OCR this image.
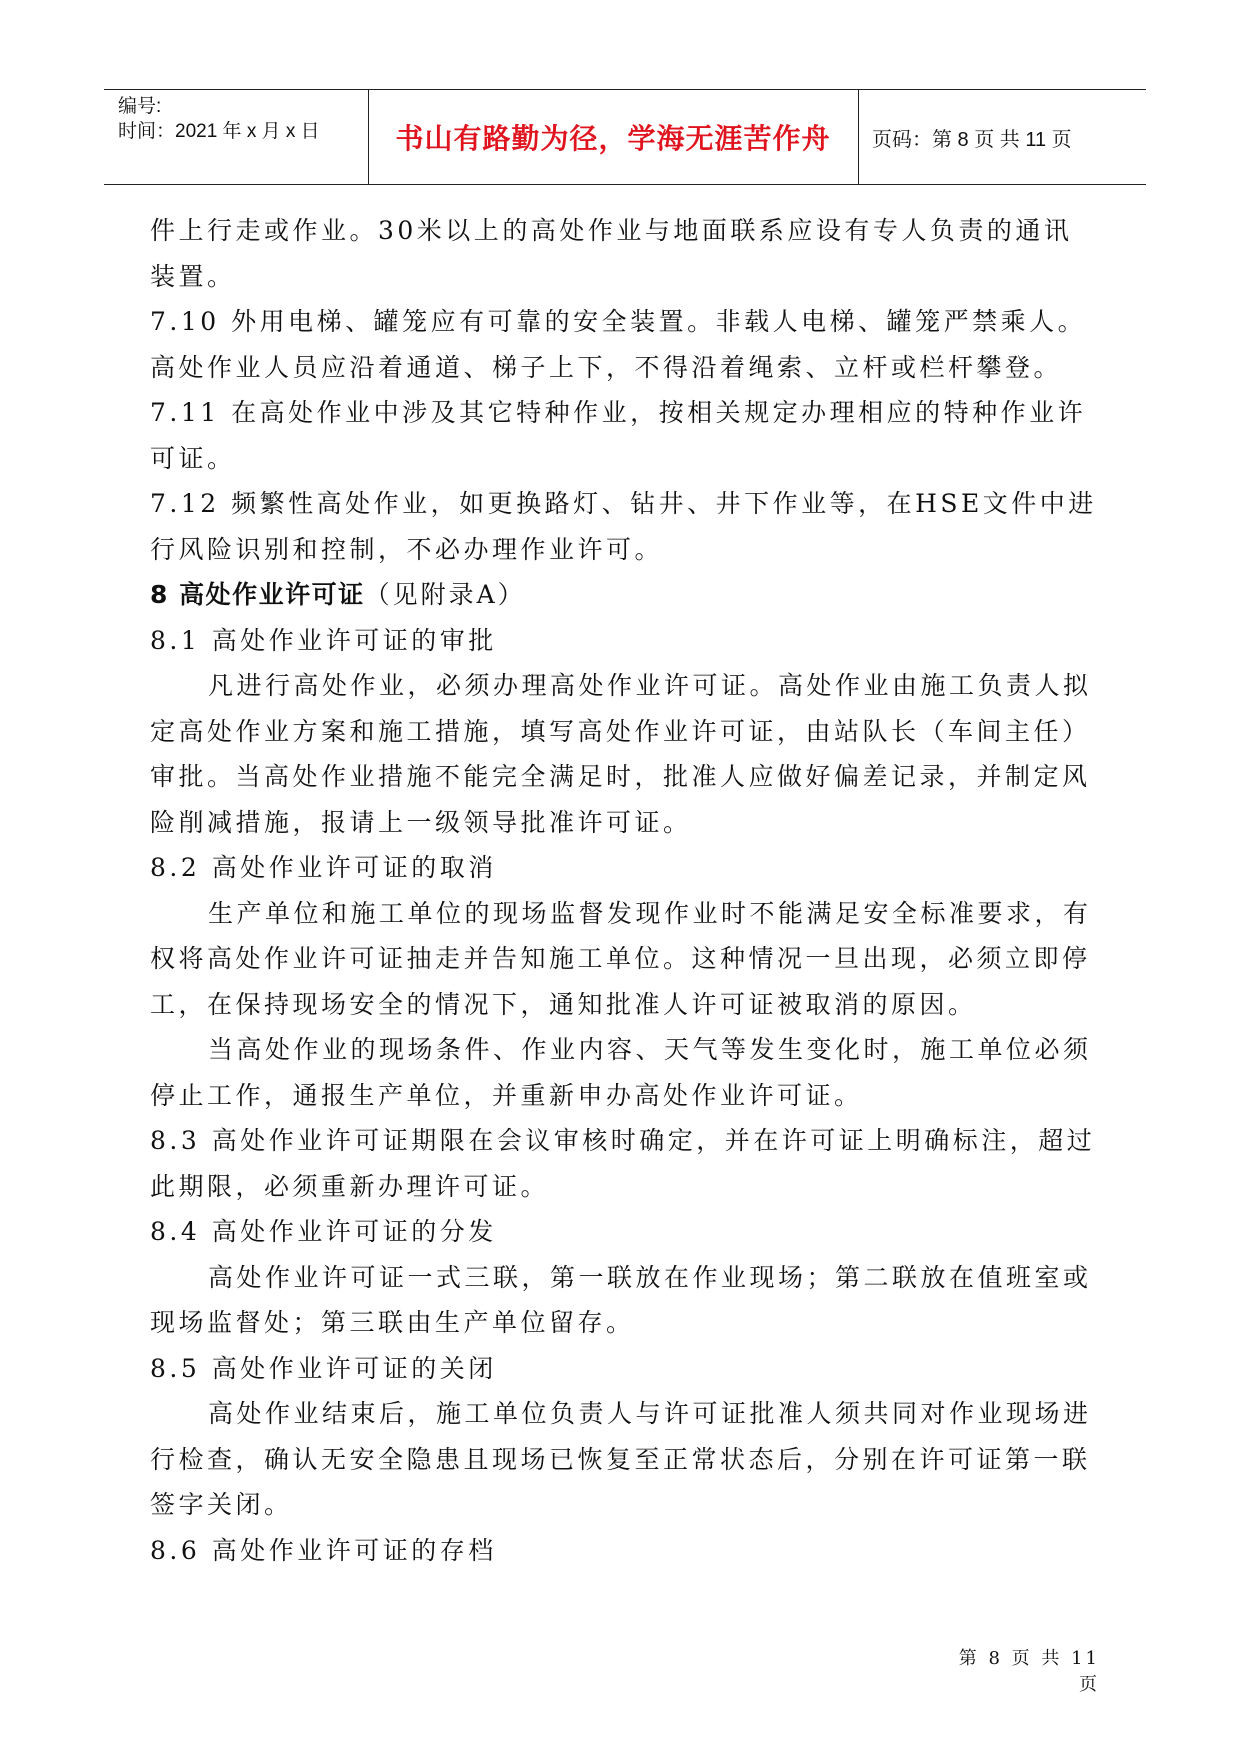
编号:
时间：2021 年 x 月 x 日	书山有路勤为径，学海无涯苦作舟	页码：第 8 页 共 11 页

件上行走或作业。30米以上的高处作业与地面联系应设有专人负责的通讯装置。

7.10 外用电梯、罐笼应有可靠的安全装置。非载人电梯、罐笼严禁乘人。高处作业人员应沿着通道、梯子上下，不得沿着绳索、立杆或栏杆攀登。

7.11 在高处作业中涉及其它特种作业，按相关规定办理相应的特种作业许可证。

7.12 频繁性高处作业，如更换路灯、钻井、井下作业等，在HSE文件中进行风险识别和控制，不必办理作业许可。

8 高处作业许可证（见附录A）

8.1 高处作业许可证的审批

凡进行高处作业，必须办理高处作业许可证。高处作业由施工负责人拟定高处作业方案和施工措施，填写高处作业许可证，由站队长（车间主任）审批。当高处作业措施不能完全满足时，批准人应做好偏差记录，并制定风险削减措施，报请上一级领导批准许可证。

8.2 高处作业许可证的取消

生产单位和施工单位的现场监督发现作业时不能满足安全标准要求，有权将高处作业许可证抽走并告知施工单位。这种情况一旦出现，必须立即停工，在保持现场安全的情况下，通知批准人许可证被取消的原因。

当高处作业的现场条件、作业内容、天气等发生变化时，施工单位必须停止工作，通报生产单位，并重新申办高处作业许可证。

8.3 高处作业许可证期限在会议审核时确定，并在许可证上明确标注，超过此期限，必须重新办理许可证。

8.4 高处作业许可证的分发

高处作业许可证一式三联，第一联放在作业现场；第二联放在值班室或现场监督处；第三联由生产单位留存。

8.5 高处作业许可证的关闭

高处作业结束后，施工单位负责人与许可证批准人须共同对作业现场进行检查，确认无安全隐患且现场已恢复至正常状态后，分别在许可证第一联签字关闭。

8.6 高处作业许可证的存档

第 8 页 共 11 页
